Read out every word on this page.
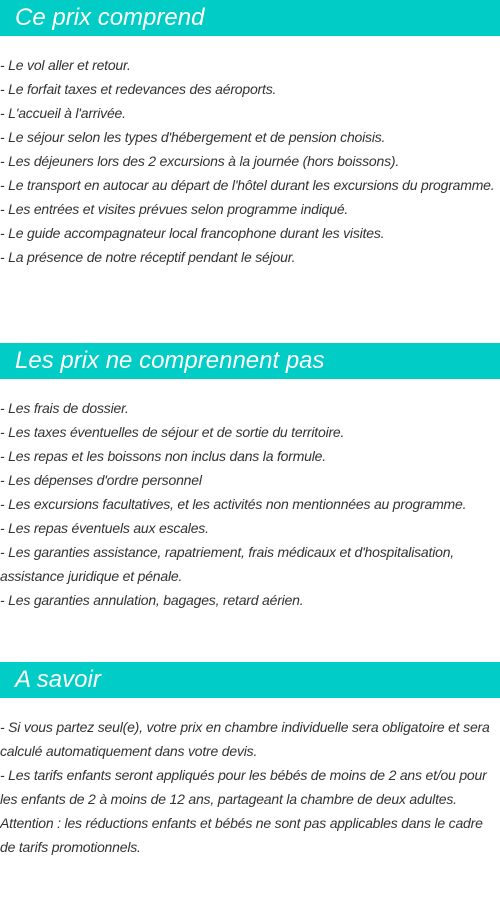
Ce prix comprend
- Le vol aller et retour.
- Le forfait taxes et redevances des aéroports.
- L'accueil à l'arrivée.
- Le séjour selon les types d'hébergement et de pension choisis.
- Les déjeuners lors des 2 excursions à la journée (hors boissons).
- Le transport en autocar au départ de l'hôtel durant les excursions du programme.
- Les entrées et visites prévues selon programme indiqué.
- Le guide accompagnateur local francophone durant les visites.
- La présence de notre réceptif pendant le séjour.
Les prix ne comprennent pas
- Les frais de dossier.
- Les taxes éventuelles de séjour et de sortie du territoire.
- Les repas et les boissons non inclus dans la formule.
- Les dépenses d'ordre personnel
- Les excursions facultatives, et les activités non mentionnées au programme.
- Les repas éventuels aux escales.
- Les garanties assistance, rapatriement, frais médicaux et d'hospitalisation, assistance juridique et pénale.
- Les garanties annulation, bagages, retard aérien.
A savoir
- Si vous partez seul(e), votre prix en chambre individuelle sera obligatoire et sera calculé automatiquement dans votre devis.
- Les tarifs enfants seront appliqués pour les bébés de moins de 2 ans et/ou pour les enfants de 2 à moins de 12 ans, partageant la chambre de deux adultes.
Attention : les réductions enfants et bébés ne sont pas applicables dans le cadre de tarifs promotionnels.
